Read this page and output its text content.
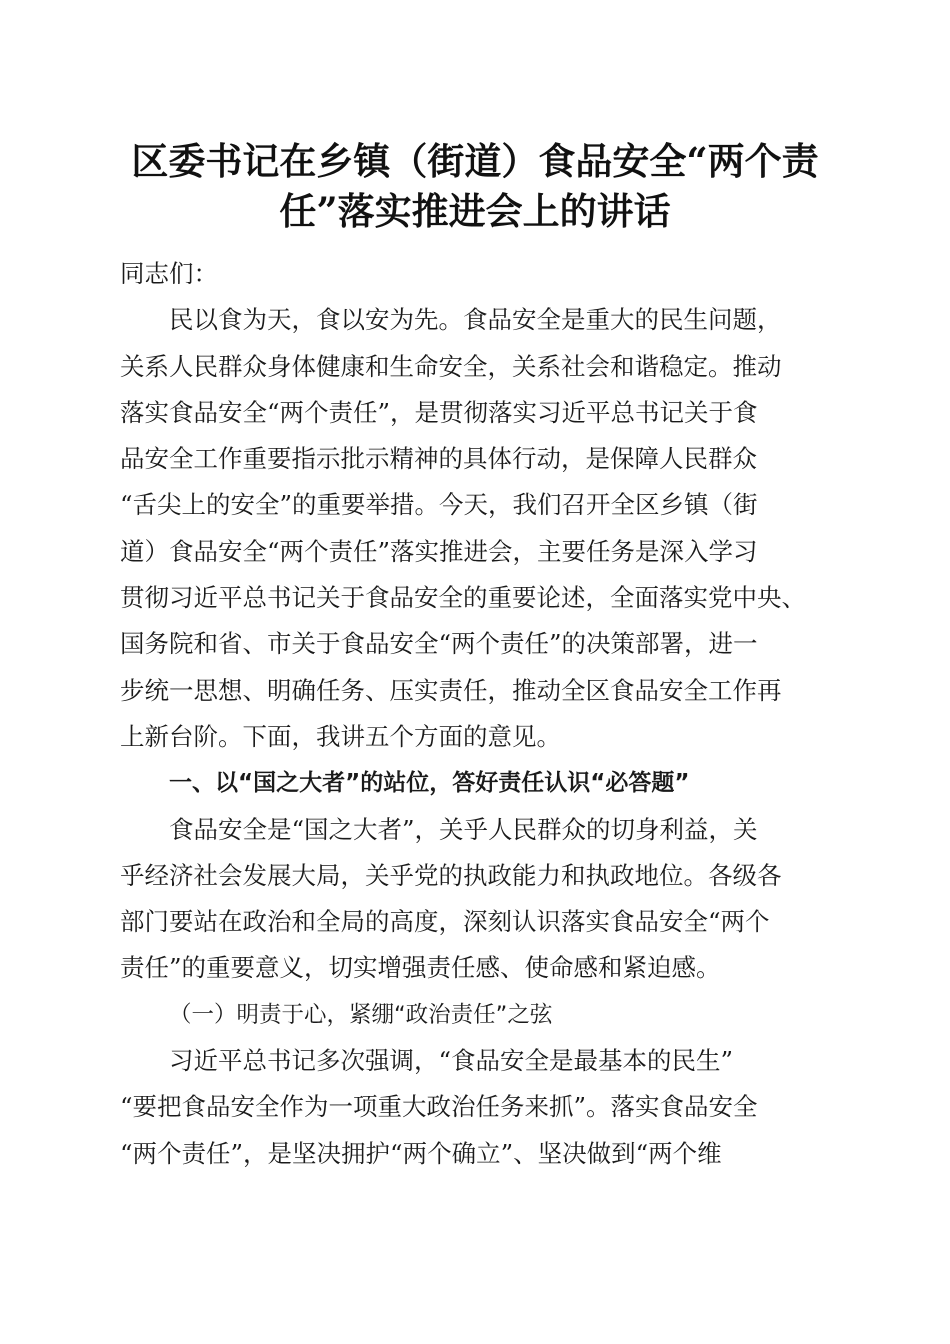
区委书记在乡镇（街道）食品安全“两个责
任”落实推进会上的讲话
同志们：
民以食为天，食以安为先。食品安全是重大的民生问题，
关系人民群众身体健康和生命安全，关系社会和谐稳定。推动
落实食品安全“两个责任”，是贯彻落实习近平总书记关于食
品安全工作重要指示批示精神的具体行动，是保障人民群众
“舌尖上的安全”的重要举措。今天，我们召开全区乡镇（街
道）食品安全“两个责任”落实推进会，主要任务是深入学习
贯彻习近平总书记关于食品安全的重要论述，全面落实党中央、
国务院和省、市关于食品安全“两个责任”的决策部署，进一
步统一思想、明确任务、压实责任，推动全区食品安全工作再
上新台阶。下面，我讲五个方面的意见。
一、以“国之大者”的站位，答好责任认识“必答题”
食品安全是“国之大者”，关乎人民群众的切身利益，关
乎经济社会发展大局，关乎党的执政能力和执政地位。各级各
部门要站在政治和全局的高度，深刻认识落实食品安全“两个
责任”的重要意义，切实增强责任感、使命感和紧迫感。
（一）明责于心，紧绷“政治责任”之弦
习近平总书记多次强调，“食品安全是最基本的民生”
“要把食品安全作为一项重大政治任务来抓”。落实食品安全
“两个责任”，是坚决拥护“两个确立”、坚决做到“两个维
